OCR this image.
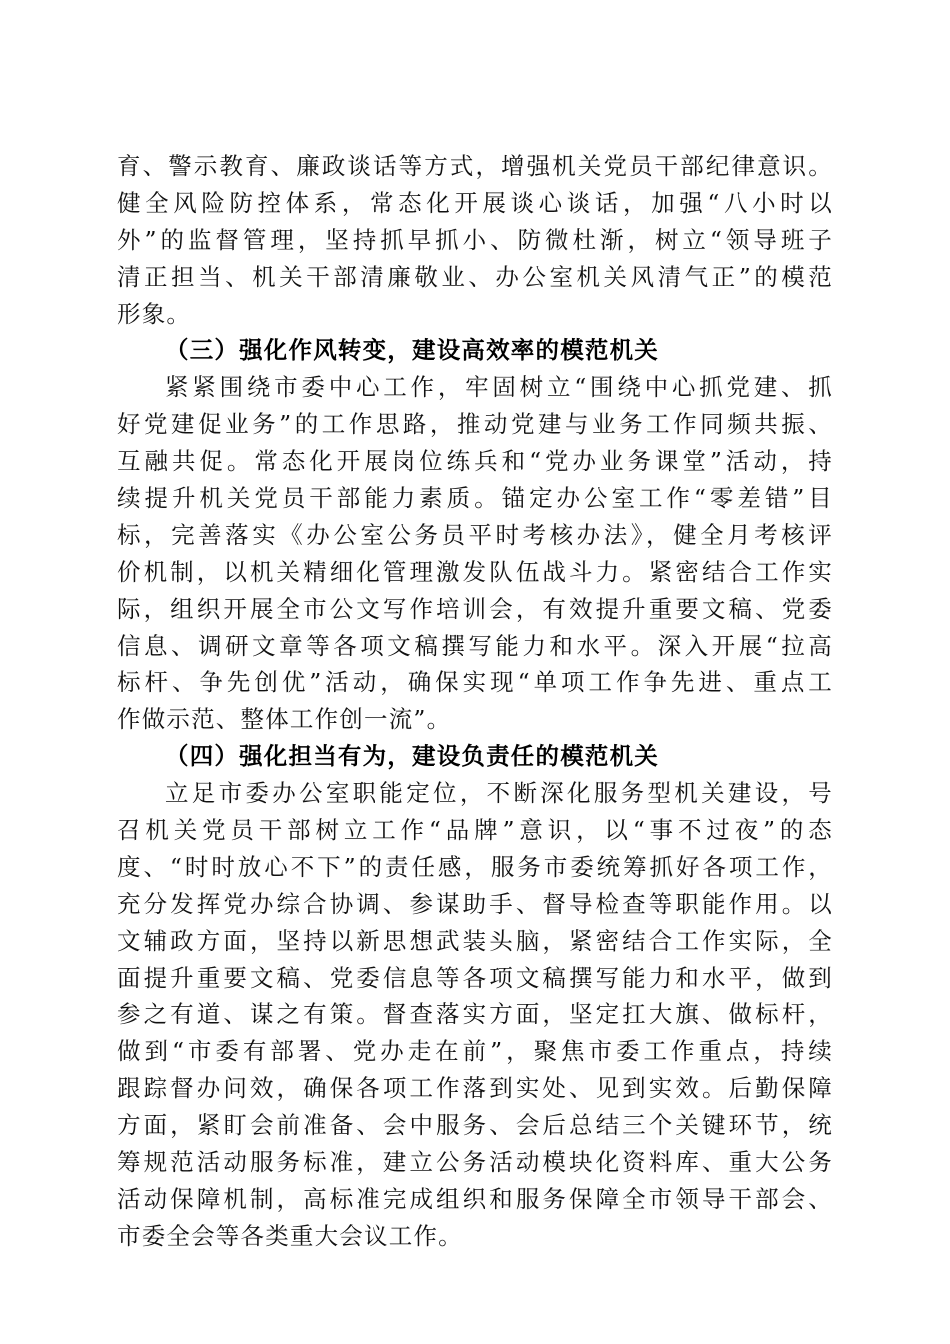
育、警示教育、廉政谈话等方式，增强机关党员干部纪律意识。
健全风险防控体系，常态化开展谈心谈话，加强“八小时以
外”的监督管理，坚持抓早抓小、防微杜渐，树立“领导班子
清正担当、机关干部清廉敬业、办公室机关风清气正”的模范
形象。
（三）强化作风转变，建设高效率的模范机关
紧紧围绕市委中心工作，牢固树立“围绕中心抓党建、抓
好党建促业务”的工作思路，推动党建与业务工作同频共振、
互融共促。常态化开展岗位练兵和“党办业务课堂”活动，持
续提升机关党员干部能力素质。锚定办公室工作“零差错”目
标，完善落实《办公室公务员平时考核办法》，健全月考核评
价机制，以机关精细化管理激发队伍战斗力。紧密结合工作实
际，组织开展全市公文写作培训会，有效提升重要文稿、党委
信息、调研文章等各项文稿撰写能力和水平。深入开展“拉高
标杆、争先创优”活动，确保实现“单项工作争先进、重点工
作做示范、整体工作创一流”。
（四）强化担当有为，建设负责任的模范机关
立足市委办公室职能定位，不断深化服务型机关建设，号
召机关党员干部树立工作“品牌”意识，以“事不过夜”的态
度、“时时放心不下”的责任感，服务市委统筹抓好各项工作，
充分发挥党办综合协调、参谋助手、督导检查等职能作用。以
文辅政方面，坚持以新思想武装头脑，紧密结合工作实际，全
面提升重要文稿、党委信息等各项文稿撰写能力和水平，做到
参之有道、谋之有策。督查落实方面，坚定扛大旗、做标杆，
做到“市委有部署、党办走在前”，聚焦市委工作重点，持续
跟踪督办问效，确保各项工作落到实处、见到实效。后勤保障
方面，紧盯会前准备、会中服务、会后总结三个关键环节，统
筹规范活动服务标准，建立公务活动模块化资料库、重大公务
活动保障机制，高标准完成组织和服务保障全市领导干部会、
市委全会等各类重大会议工作。
